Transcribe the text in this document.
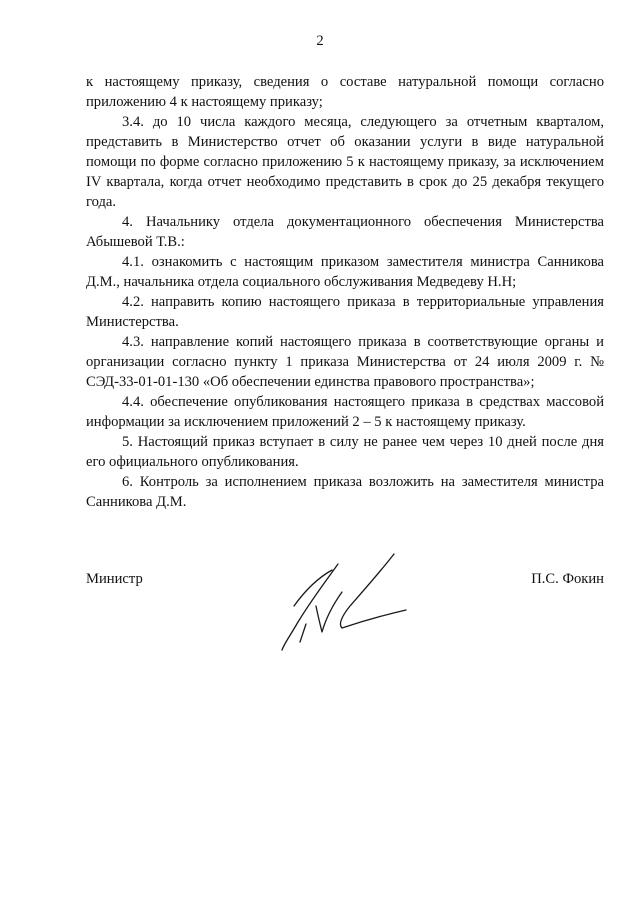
2

к настоящему приказу, сведения о составе натуральной помощи согласно приложению 4 к настоящему приказу;

3.4. до 10 числа каждого месяца, следующего за отчетным кварталом, представить в Министерство отчет об оказании услуги в виде натуральной помощи по форме согласно приложению 5 к настоящему приказу, за исключением IV квартала, когда отчет необходимо представить в срок до 25 декабря текущего года.

4. Начальнику отдела документационного обеспечения Министерства Абышевой Т.В.:

4.1. ознакомить с настоящим приказом заместителя министра Санникова Д.М., начальника отдела социального обслуживания Медведеву Н.Н;

4.2. направить копию настоящего приказа в территориальные управления Министерства.

4.3. направление копий настоящего приказа в соответствующие органы и организации согласно пункту 1 приказа Министерства от 24 июля 2009 г. № СЭД-33-01-01-130 «Об обеспечении единства правового пространства»;

4.4. обеспечение опубликования настоящего приказа в средствах массовой информации за исключением приложений 2 – 5 к настоящему приказу.

5. Настоящий приказ вступает в силу не ранее чем через 10 дней после дня его официального опубликования.

6. Контроль за исполнением приказа возложить на заместителя министра Санникова Д.М.

Министр	П.С. Фокин
